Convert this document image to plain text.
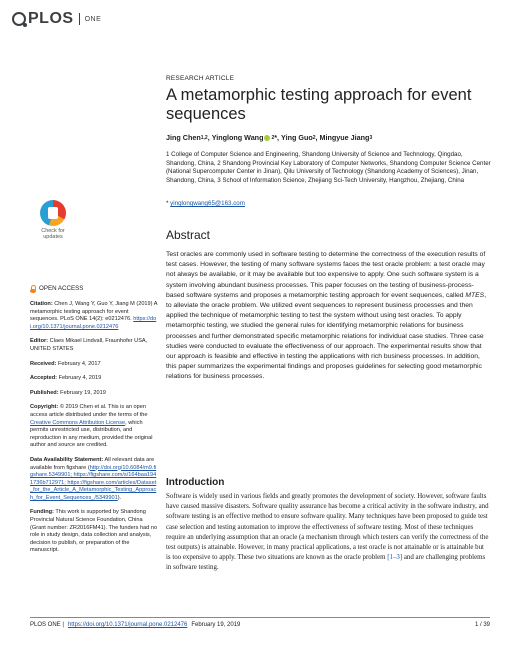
PLOS ONE
RESEARCH ARTICLE
A metamorphic testing approach for event sequences
Jing Chen 1,2 , Yinglong Wang 2 *,
Ying Guo 2 , Mingyue Jiang 3
1 College of Computer Science and Engineering, Shandong University of Science and Technology, Qingdao, Shandong, China, 2 Shandong Provincial Key Laboratory of Computer Networks, Shandong Computer Science Center (National Supercomputer Center in Jinan), Qilu University of Technology (Shandong Academy of Sciences), Jinan, Shandong, China, 3 School of Information Science, Zhejiang Sci-Tech University, Hangzhou, Zhejiang, China
* yinglongwang65@163.com
Abstract

Test oracles are commonly used in software testing to determine the correctness of the execution results of test cases. However, the testing of many software systems faces the test oracle problem: a test oracle may not always be available, or it may be available but too expensive to apply. One such software system is a system involving abundant business processes. This paper focuses on the testing of business-process-based software systems and proposes a metamorphic testing approach for event sequences, called MTES, to alleviate the oracle problem. We utilized event sequences to represent business processes and then applied the technique of metamorphic testing to test the system without using test oracles. To apply metamorphic testing, we studied the general rules for identifying metamorphic relations for business processes and further demonstrated specific metamorphic relations for individual case studies. Three case studies were conducted to evaluate the effectiveness of our approach. The experimental results show that our approach is feasible and effective in testing the applications with rich business processes. In addition, this paper summarizes the experimental findings and proposes guidelines for selecting good metamorphic relations for business processes.

Introduction

Software is widely used in various fields and greatly promotes the development of society. However, software faults have caused massive disasters. Software quality assurance has become a critical activity in the software industry, and software testing is an effective method to ensure software quality. Many techniques have been proposed to guide test case selection and testing automation to improve the effectiveness of software testing. Most of these techniques require an underlying assumption that an oracle (a mechanism through which testers can verify the correctness of the test outputs) is attainable. However, in many practical applications, a test oracle is not attainable or is attainable but is too expensive to apply. These two situations are known as the oracle problem [1–3] and are challenging problems in software testing.

Check for
updates
OPEN ACCESS
Citation: Chen J, Wang Y, Guo Y, Jiang M (2019) A metamorphic testing approach for event sequences. PLoS ONE 14(2): e0212476. https://doi.org/10.1371/journal.pone.0212476
Editor: Claes Mikael Lindvall, Fraunhofer USA, UNITED STATES
Received: February 4, 2017
Accepted: February 4, 2019
Published: February 19, 2019
Copyright: © 2019 Chen et al. This is an open access article distributed under the terms of the Creative Commons Attribution License, which permits unrestricted use, distribution, and reproduction in any medium, provided the original author and source are credited.
Data Availability Statement: All relevant data are available from figshare (http://doi.org/10.6084/m9.figshare.5349901; https://figshare.com/s/164baa1941736b712971; https://figshare.com/articles/Dataset_for_the_Article_A_Metamorphic_Testing_Approach_for_Event_Sequences_/5349901).
Funding: This work is supported by Shandong Provincial Natural Science Foundation, China (Grant number: ZR2016FM41). The funders had no role in study design, data collection and analysis, decision to publish, or preparation of the manuscript.
PLOS ONE | https://doi.org/10.1371/journal.pone.0212476 February 19, 2019	1 / 39
